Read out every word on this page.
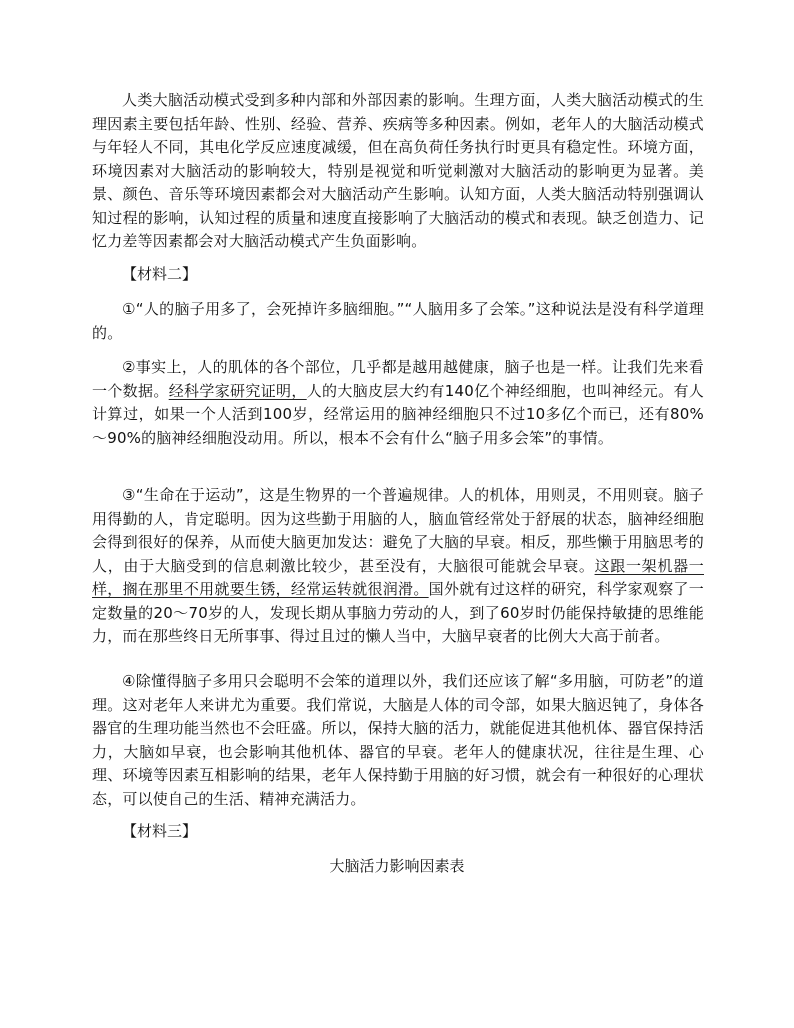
人类大脑活动模式受到多种内部和外部因素的影响。生理方面，人类大脑活动模式的生理因素主要包括年龄、性别、经验、营养、疾病等多种因素。例如，老年人的大脑活动模式与年轻人不同，其电化学反应速度减缓，但在高负荷任务执行时更具有稳定性。环境方面，环境因素对大脑活动的影响较大，特别是视觉和听觉刺激对大脑活动的影响更为显著。美景、颜色、音乐等环境因素都会对大脑活动产生影响。认知方面，人类大脑活动特别强调认知过程的影响，认知过程的质量和速度直接影响了大脑活动的模式和表现。缺乏创造力、记忆力差等因素都会对大脑活动模式产生负面影响。

【材料二】

①“人的脑子用多了，会死掉许多脑细胞。”“人脑用多了会笨。”这种说法是没有科学道理的。

②事实上，人的肌体的各个部位，几乎都是越用越健康，脑子也是一样。让我们先来看一个数据。经科学家研究证明，人的大脑皮层大约有140亿个神经细胞，也叫神经元。有人计算过，如果一个人活到100岁，经常运用的脑神经细胞只不过10多亿个而已，还有80%～90%的脑神经细胞没动用。所以，根本不会有什么“脑子用多会笨”的事情。

③“生命在于运动”，这是生物界的一个普遍规律。人的机体，用则灵，不用则衰。脑子用得勤的人，肯定聪明。因为这些勤于用脑的人，脑血管经常处于舒展的状态，脑神经细胞会得到很好的保养，从而使大脑更加发达：避免了大脑的早衰。相反，那些懒于用脑思考的人，由于大脑受到的信息刺激比较少，甚至没有，大脑很可能就会早衰。这跟一架机器一样，搁在那里不用就要生锈，经常运转就很润滑。国外就有过这样的研究，科学家观察了一定数量的20～70岁的人，发现长期从事脑力劳动的人，到了60岁时仍能保持敏捷的思维能力，而在那些终日无所事事、得过且过的懒人当中，大脑早衰者的比例大大高于前者。

④除懂得脑子多用只会聪明不会笨的道理以外，我们还应该了解“多用脑，可防老”的道理。这对老年人来讲尤为重要。我们常说，大脑是人体的司令部，如果大脑迟钝了，身体各器官的生理功能当然也不会旺盛。所以，保持大脑的活力，就能促进其他机体、器官保持活力，大脑如早衰，也会影响其他机体、器官的早衰。老年人的健康状况，往往是生理、心理、环境等因素互相影响的结果，老年人保持勤于用脑的好习惯，就会有一种很好的心理状态，可以使自己的生活、精神充满活力。

【材料三】

大脑活力影响因素表
